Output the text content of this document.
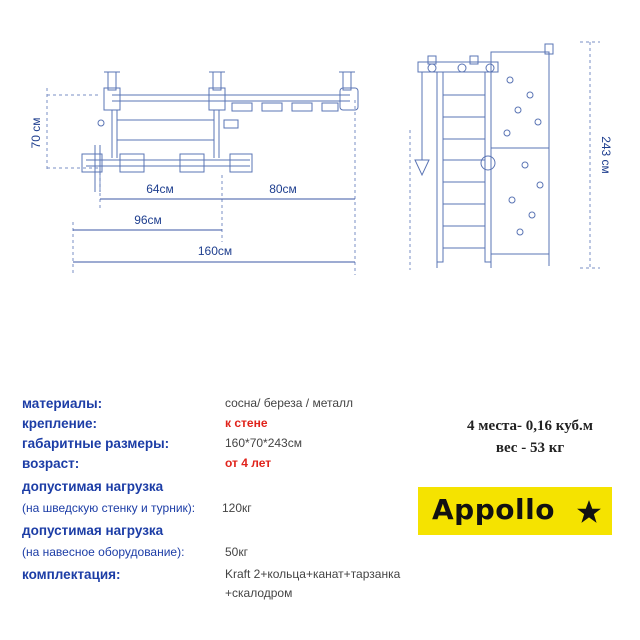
70 см
64см	80см
96см
160см
243 см
материалы:	сосна/ береза / металл
крепление:	к стене
габаритные размеры:	160*70*243см
возраст:	от 4 лет
допустимая нагрузка
(на шведскую стенку и турник): 120кг
допустимая нагрузка
(на навесное оборудование):	50кг
комплектация:	Kraft 2+кольца+канат+тарзанка
+скалодром
4 места- 0,16 куб.м
вес - 53 кг
Appollo
